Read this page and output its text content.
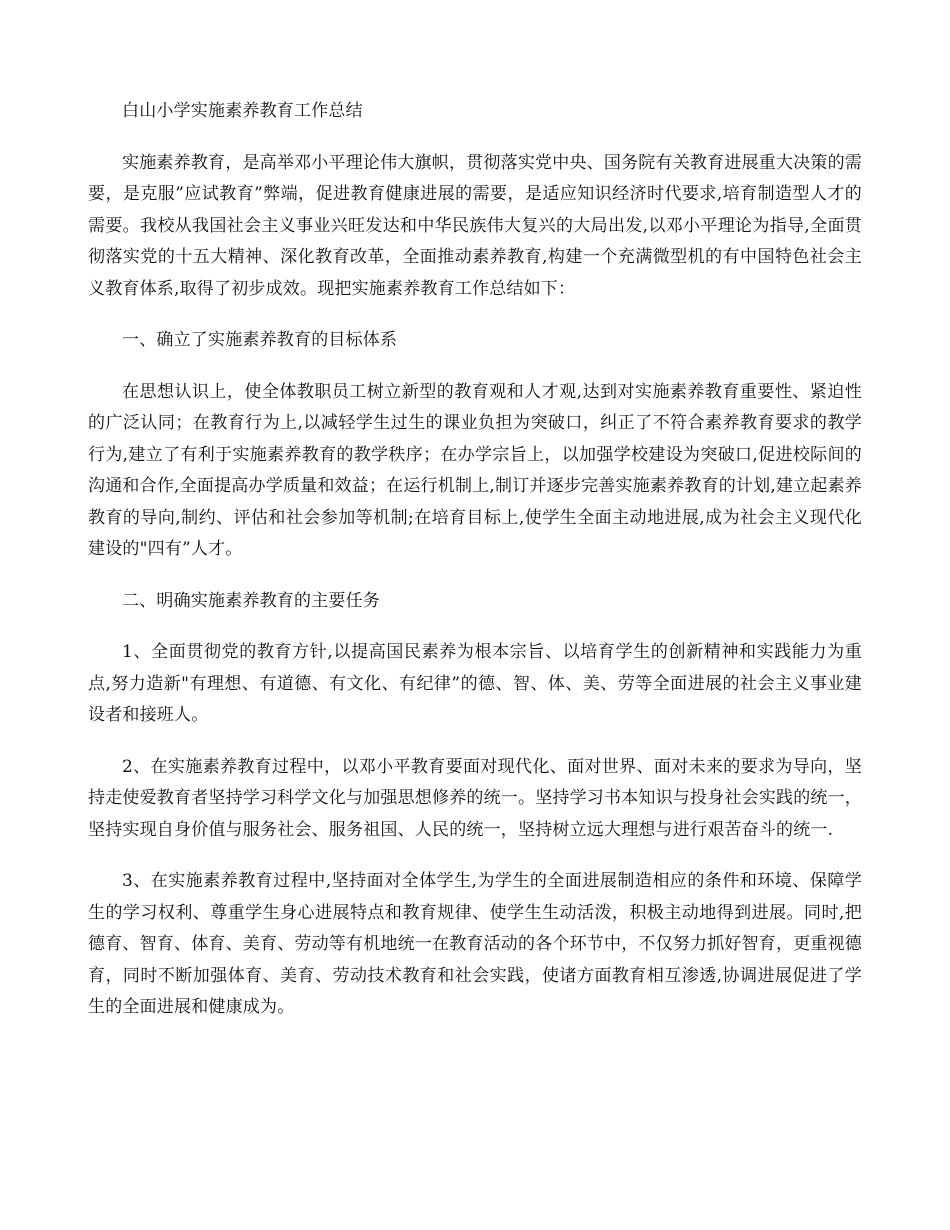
白山小学实施素养教育工作总结

实施素养教育，是高举邓小平理论伟大旗帜，贯彻落实党中央、国务院有关教育进展重大决策的需要，是克服”应试教育”弊端，促进教育健康进展的需要，是适应知识经济时代要求,培育制造型人才的需要。我校从我国社会主义事业兴旺发达和中华民族伟大复兴的大局出发,以邓小平理论为指导,全面贯彻落实党的十五大精神、深化教育改革，全面推动素养教育,构建一个充满微型机的有中国特色社会主义教育体系,取得了初步成效。现把实施素养教育工作总结如下：

一、确立了实施素养教育的目标体系

在思想认识上，使全体教职员工树立新型的教育观和人才观,达到对实施素养教育重要性、紧迫性的广泛认同；在教育行为上,以减轻学生过生的课业负担为突破口，纠正了不符合素养教育要求的教学行为,建立了有利于实施素养教育的教学秩序；在办学宗旨上，以加强学校建设为突破口,促进校际间的沟通和合作,全面提高办学质量和效益；在运行机制上,制订并逐步完善实施素养教育的计划,建立起素养教育的导向,制约、评估和社会参加等机制;在培育目标上,使学生全面主动地进展,成为社会主义现代化建设的"四有”人才。

二、明确实施素养教育的主要任务

1、全面贯彻党的教育方针,以提高国民素养为根本宗旨、以培育学生的创新精神和实践能力为重点,努力造新"有理想、有道德、有文化、有纪律”的德、智、体、美、劳等全面进展的社会主义事业建设者和接班人。

2、在实施素养教育过程中，以邓小平教育要面对现代化、面对世界、面对未来的要求为导向，坚持走使爱教育者坚持学习科学文化与加强思想修养的统一。坚持学习书本知识与投身社会实践的统一，坚持实现自身价值与服务社会、服务祖国、人民的统一，坚持树立远大理想与进行艰苦奋斗的统一.

3、在实施素养教育过程中,坚持面对全体学生,为学生的全面进展制造相应的条件和环境、保障学生的学习权利、尊重学生身心进展特点和教育规律、使学生生动活泼，积极主动地得到进展。同时,把德育、智育、体育、美育、劳动等有机地统一在教育活动的各个环节中，不仅努力抓好智育，更重视德育，同时不断加强体育、美育、劳动技术教育和社会实践，使诸方面教育相互渗透,协调进展促进了学生的全面进展和健康成为。
